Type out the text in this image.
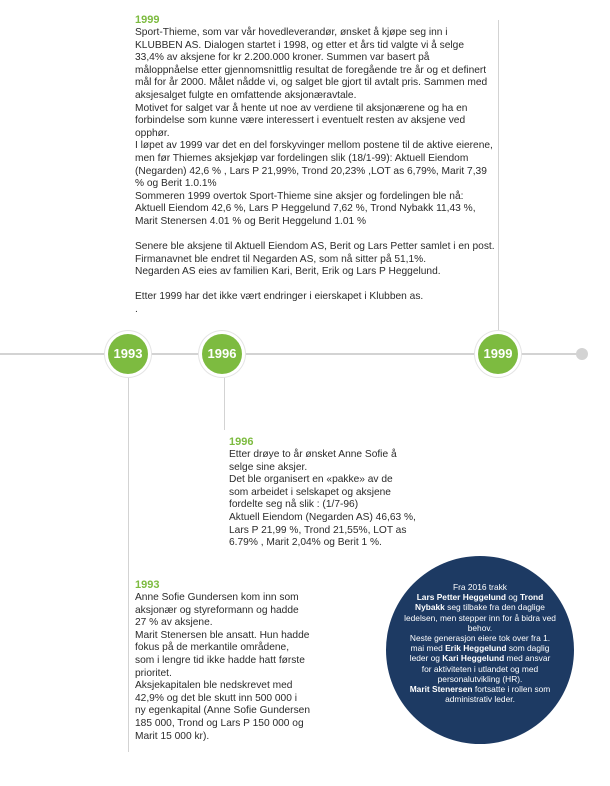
1993	1996	1999

1999

Sport-Thieme, som var vår hovedleverandør, ønsket å kjøpe seg inn i KLUBBEN AS. Dialogen startet i 1998, og etter et års tid valgte vi å selge 33,4% av aksjene for kr 2.200.000 kroner. Summen var basert på måloppnåelse etter gjennomsnittlig resultat de foregående tre år og et definert mål for år 2000. Målet nådde vi, og salget ble gjort til avtalt pris. Sammen med aksjesalget fulgte en omfattende aksjonæravtale.

Motivet for salget var å hente ut noe av verdiene til aksjonærene og ha en forbindelse som kunne være interessert i eventuelt resten av aksjene ved opphør.

I løpet av 1999 var det en del forskyvinger mellom postene til de aktive eierene, men før Thiemes aksjekjøp var fordelingen slik (18/1-99): Aktuell Eiendom (Negarden) 42,6 % , Lars P 21,99%, Trond 20,23% ,LOT as 6,79%, Marit 7,39 % og Berit 1.0.1%

Sommeren 1999 overtok Sport-Thieme sine aksjer og fordelingen ble nå: Aktuell Eiendom 42,6 %, Lars P Heggelund 7,62 %, Trond Nybakk 11,43 %, Marit Stenersen 4.01 % og Berit Heggelund 1.01 %

Senere ble aksjene til Aktuell Eiendom AS, Berit og Lars Petter samlet i en post.

Firmanavnet ble endret til Negarden AS, som nå sitter på 51,1%.

Negarden AS eies av familien Kari, Berit, Erik og Lars P Heggelund.

Etter 1999 har det ikke vært endringer i eierskapet i Klubben as.

.

1996

Etter drøye to år ønsket Anne Sofie å

selge sine aksjer.

Det ble organisert en «pakke» av de

som arbeidet i selskapet og aksjene

fordelte seg nå slik : (1/7-96)

Aktuell Eiendom (Negarden AS) 46,63 %,

Lars P 21,99 %, Trond 21,55%, LOT as

6.79% , Marit 2,04% og Berit 1 %.

1993

Anne Sofie Gundersen kom inn som

aksjonær og styreformann og hadde

27 % av aksjene.

Marit Stenersen ble ansatt. Hun hadde

fokus på de merkantile områdene,

som i lengre tid ikke hadde hatt første

prioritet.

Aksjekapitalen ble nedskrevet med

42,9% og det ble skutt inn 500 000 i

ny egenkapital (Anne Sofie Gundersen

185 000, Trond og Lars P 150 000 og

Marit 15 000 kr).

Fra 2016 trakk
Lars Petter Heggelund og Trond Nybakk seg tilbake fra den daglige ledelsen, men stepper inn for å bidra ved behov.
Neste generasjon eiere tok over fra 1. mai med Erik Heggelund som daglig leder og Kari Heggelund med ansvar for aktiviteten i utlandet og med personalutvikling (HR).
Marit Stenersen fortsatte i rollen som administrativ leder.
